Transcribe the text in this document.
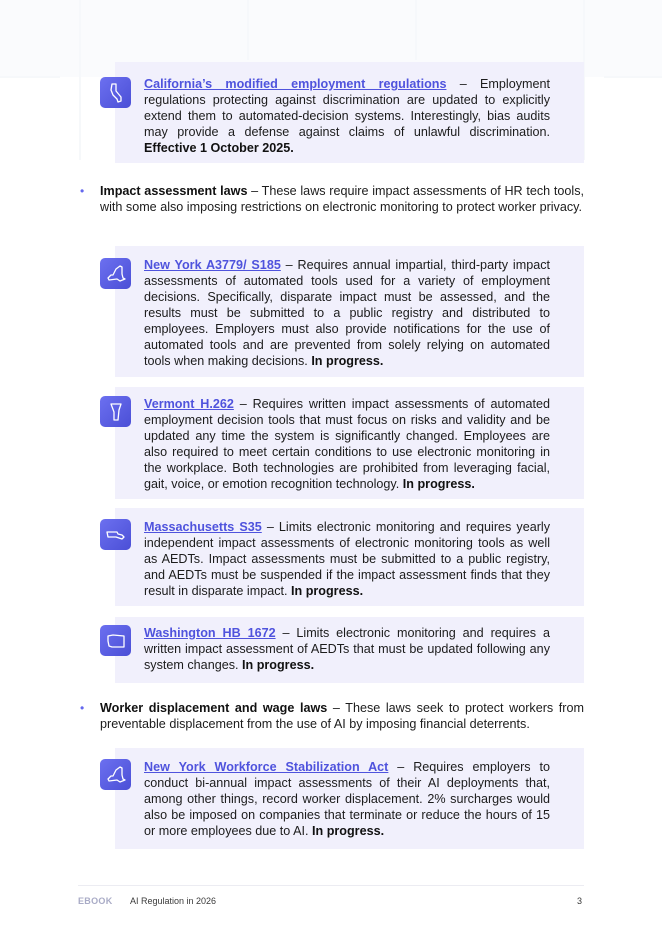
California’s modified employment regulations – Employment regulations protecting against discrimination are updated to explicitly extend them to automated-decision systems. Interestingly, bias audits may provide a defense against claims of unlawful discrimination. Effective 1 October 2025.

• Impact assessment laws – These laws require impact assessments of HR tech tools, with some also imposing restrictions on electronic monitoring to protect worker privacy.

New York A3779/ S185 – Requires annual impartial, third-party impact assessments of automated tools used for a variety of employment decisions. Specifically, disparate impact must be assessed, and the results must be submitted to a public registry and distributed to employees. Employers must also provide notifications for the use of automated tools and are prevented from solely relying on automated tools when making decisions. In progress.

Vermont H.262 – Requires written impact assessments of automated employment decision tools that must focus on risks and validity and be updated any time the system is significantly changed. Employees are also required to meet certain conditions to use electronic monitoring in the workplace. Both technologies are prohibited from leveraging facial, gait, voice, or emotion recognition technology. In progress.

Massachusetts S35 – Limits electronic monitoring and requires yearly independent impact assessments of electronic monitoring tools as well as AEDTs. Impact assessments must be submitted to a public registry, and AEDTs must be suspended if the impact assessment finds that they result in disparate impact. In progress.

Washington HB 1672 – Limits electronic monitoring and requires a written impact assessment of AEDTs that must be updated following any system changes. In progress.

• Worker displacement and wage laws – These laws seek to protect workers from preventable displacement from the use of AI by imposing financial deterrents.

New York Workforce Stabilization Act – Requires employers to conduct bi-annual impact assessments of their AI deployments that, among other things, record worker displacement. 2% surcharges would also be imposed on companies that terminate or reduce the hours of 15 or more employees due to AI. In progress.

EBOOK AI Regulation in 2026	3
